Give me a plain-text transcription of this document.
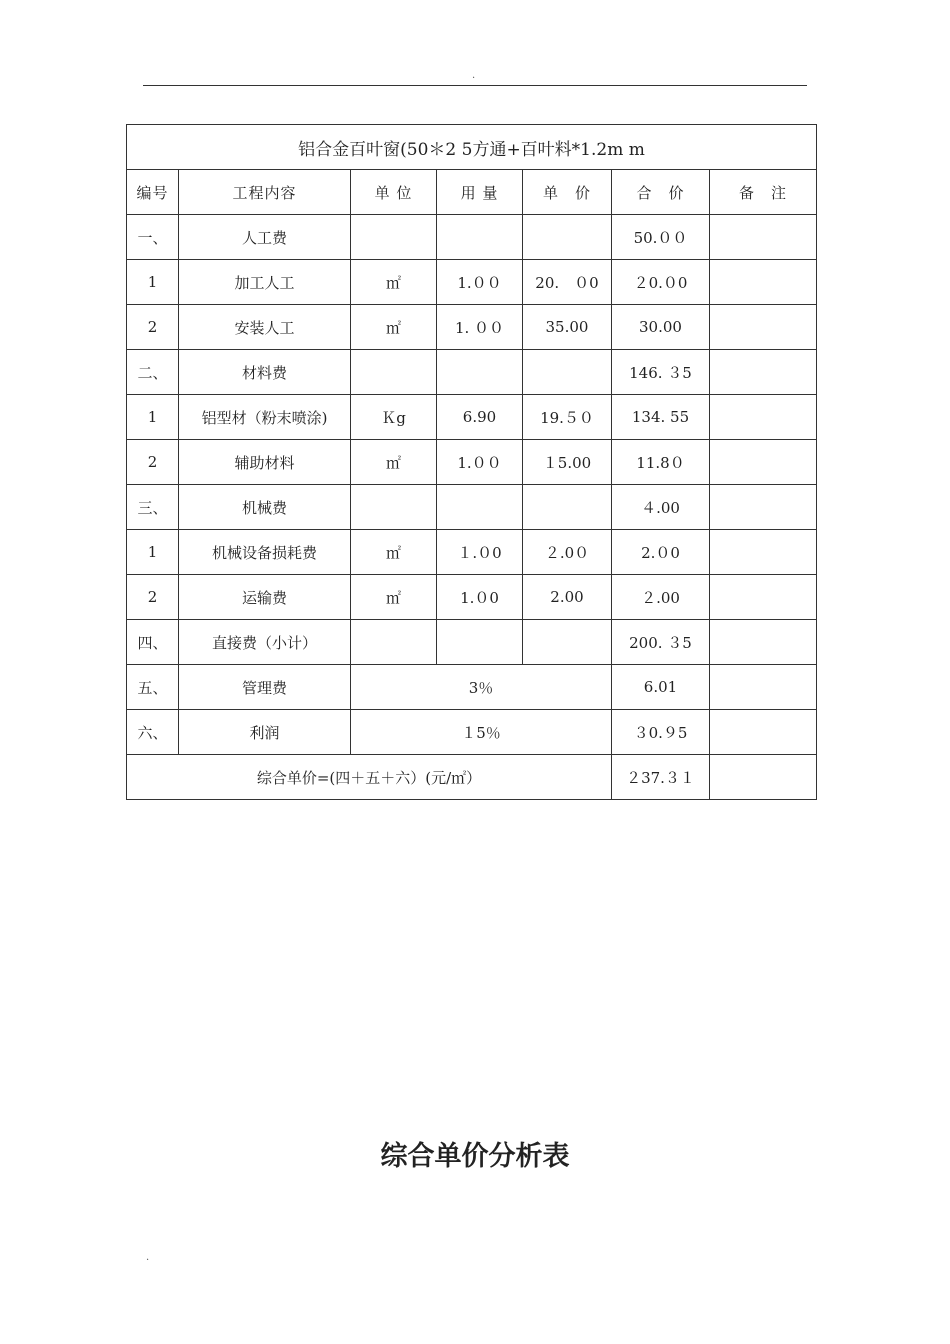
.
铝合金百叶窗(50＊2 5方通+百叶料*1.2m m						
编号	工程内容	单 位	用 量	单　价	合　价	备　注
一、	人工费				50.００	
1	加工人工	㎡	1.００	20.　０0	２0.０0	
2	安装人工	㎡	1. ００	35.00	30.00	
二、	材料费				146. ３5	
1	铝型材（粉末喷涂)	Ｋg	6.90	19.５０	134. 55	
2	辅助材料	㎡	1.００	１5.00	11.8０	
三、	机械费				４.00	
1	机械设备损耗费	㎡	１.０0	２.0０	2.０0	
2	运输费	㎡	1.０0	2.00	２.00	
四、	直接费（小计）				200. ３5	
五、	管理费	3％			6.01	
六、	利润	１5％			３0.９5	
综合单价=(四＋五＋六）(元/㎡）					２37.３１	
综合单价分析表
.
